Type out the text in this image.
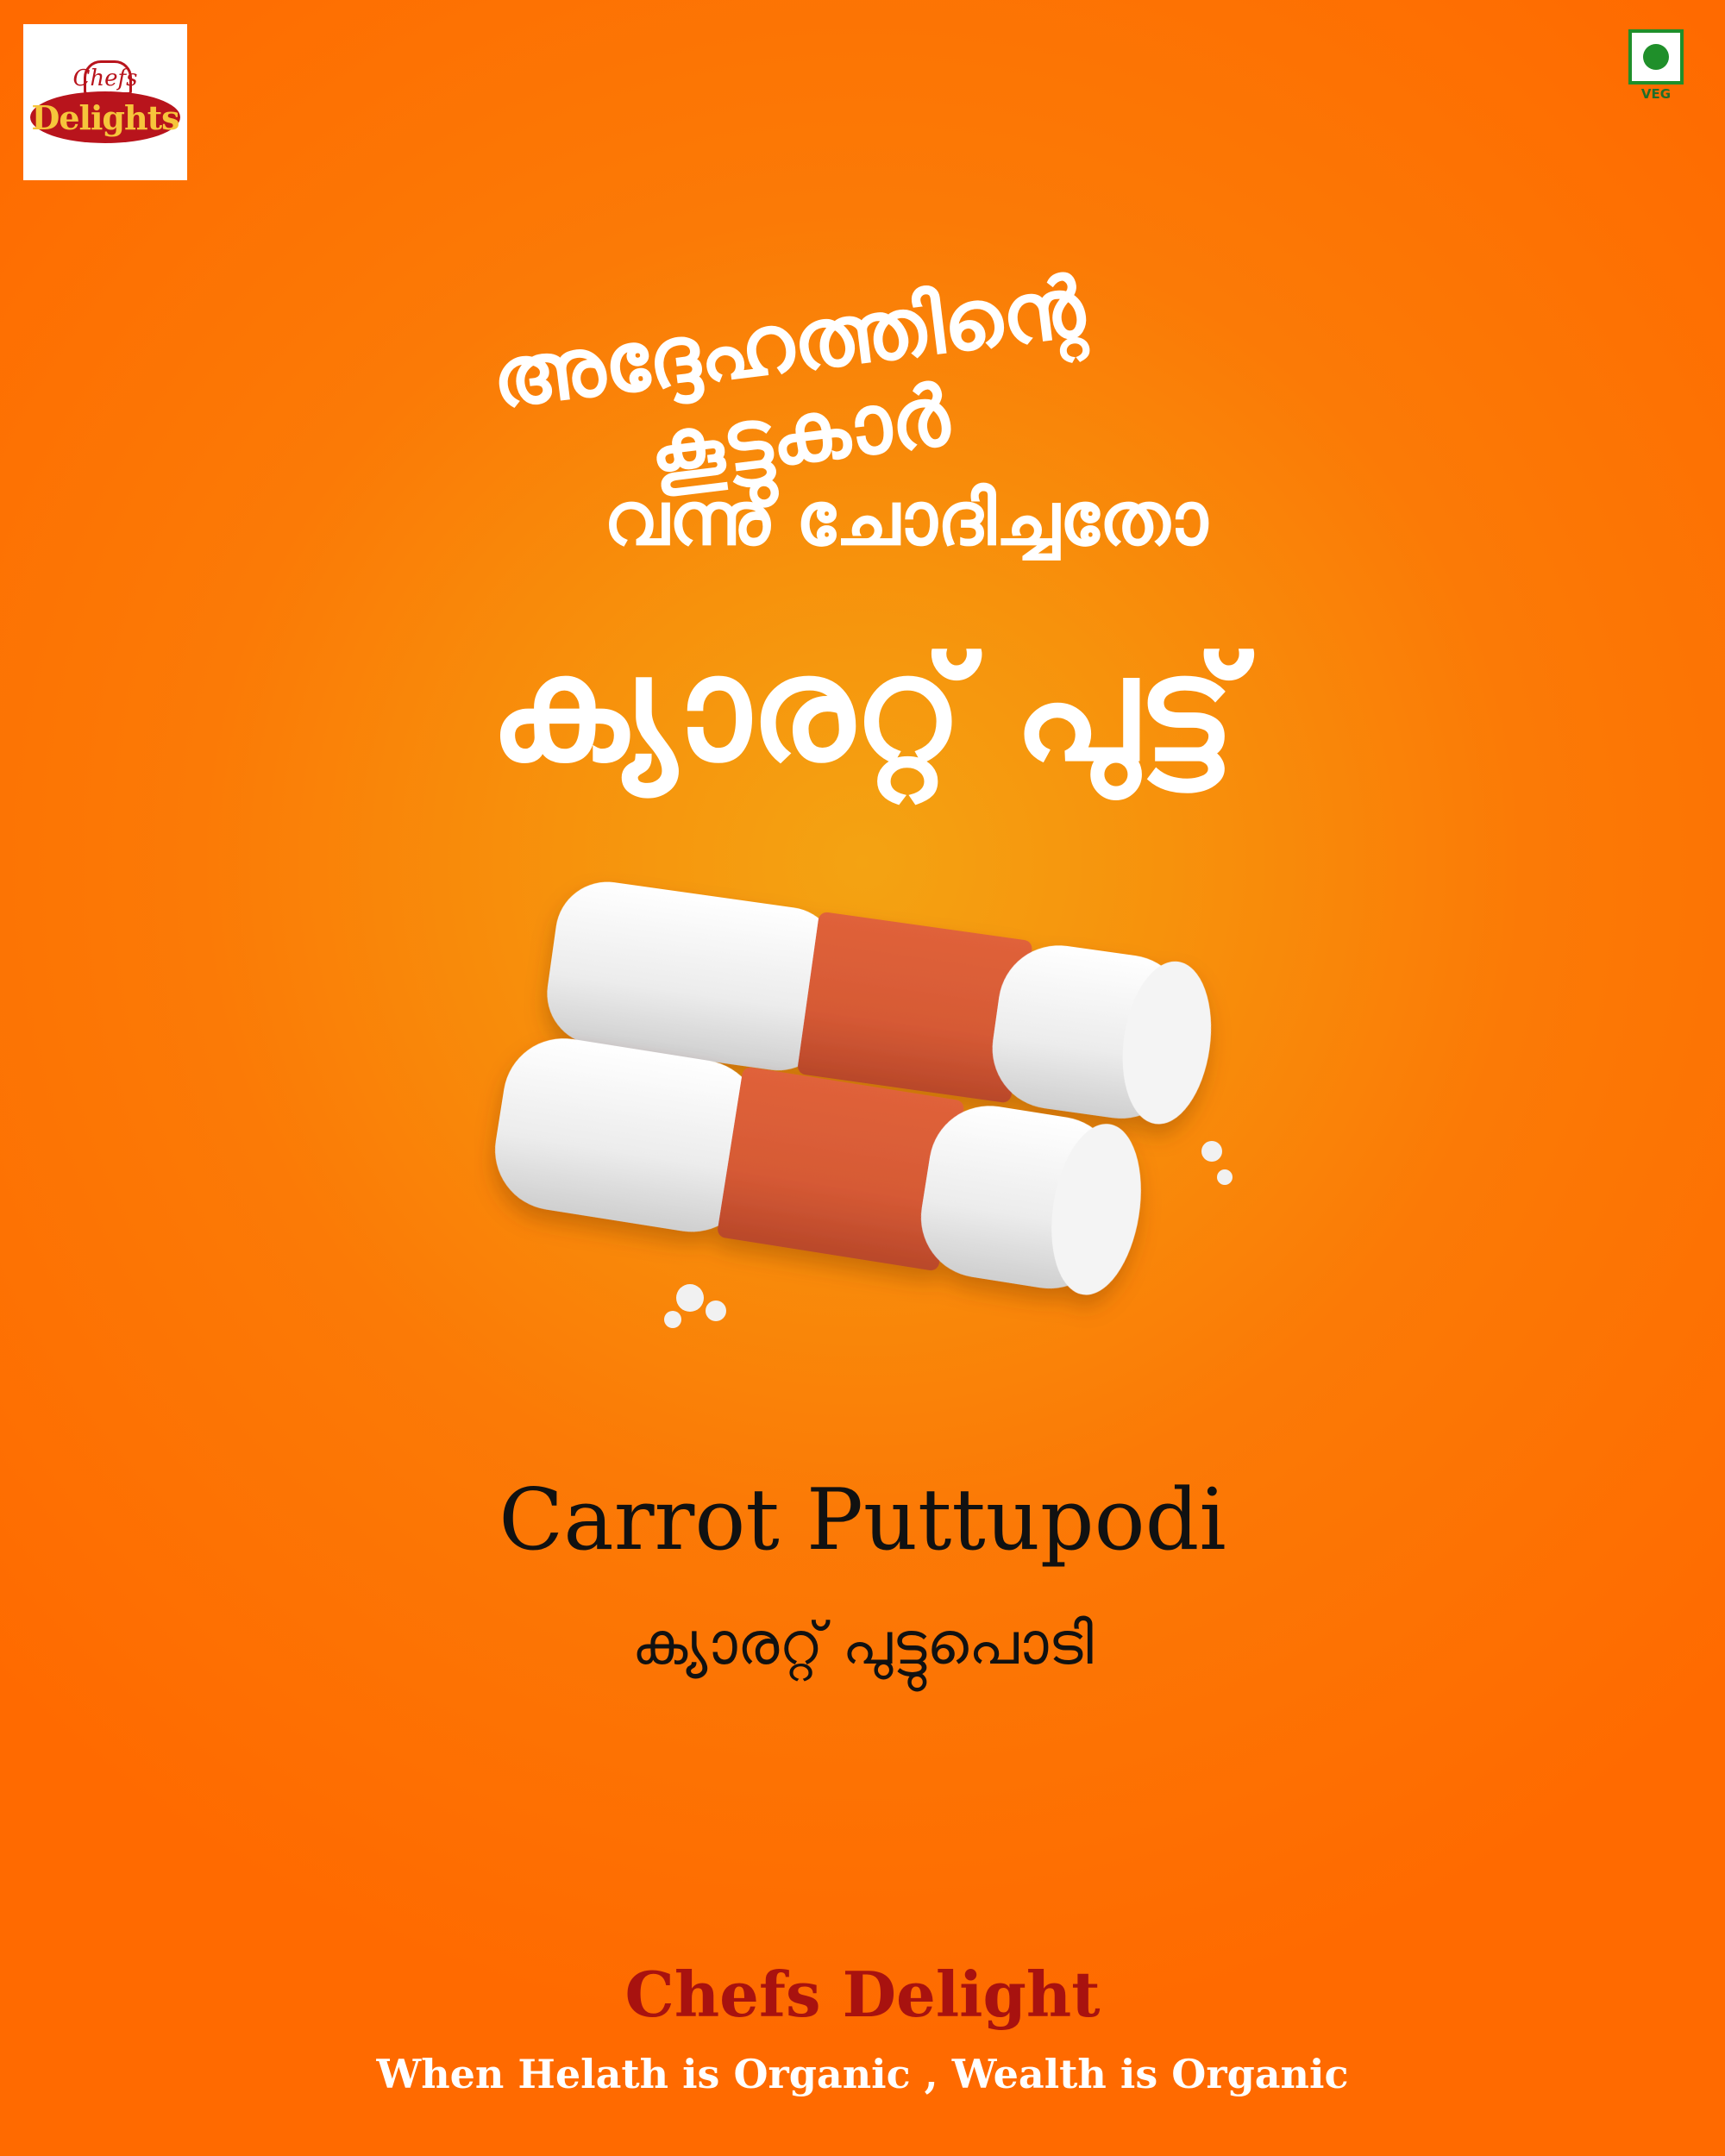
Chefs
Delights
VEG
അദ്ദേഹത്തിന്റെ കൂട്ടുകാർ
വന്നു ചോദിച്ചതോ
ക്യാരറ്റ് പുട്ട്
Carrot Puttupodi
ക്യാരറ്റ് പുട്ടുപൊടി
Chefs Delight
When Helath is Organic , Wealth is Organic
